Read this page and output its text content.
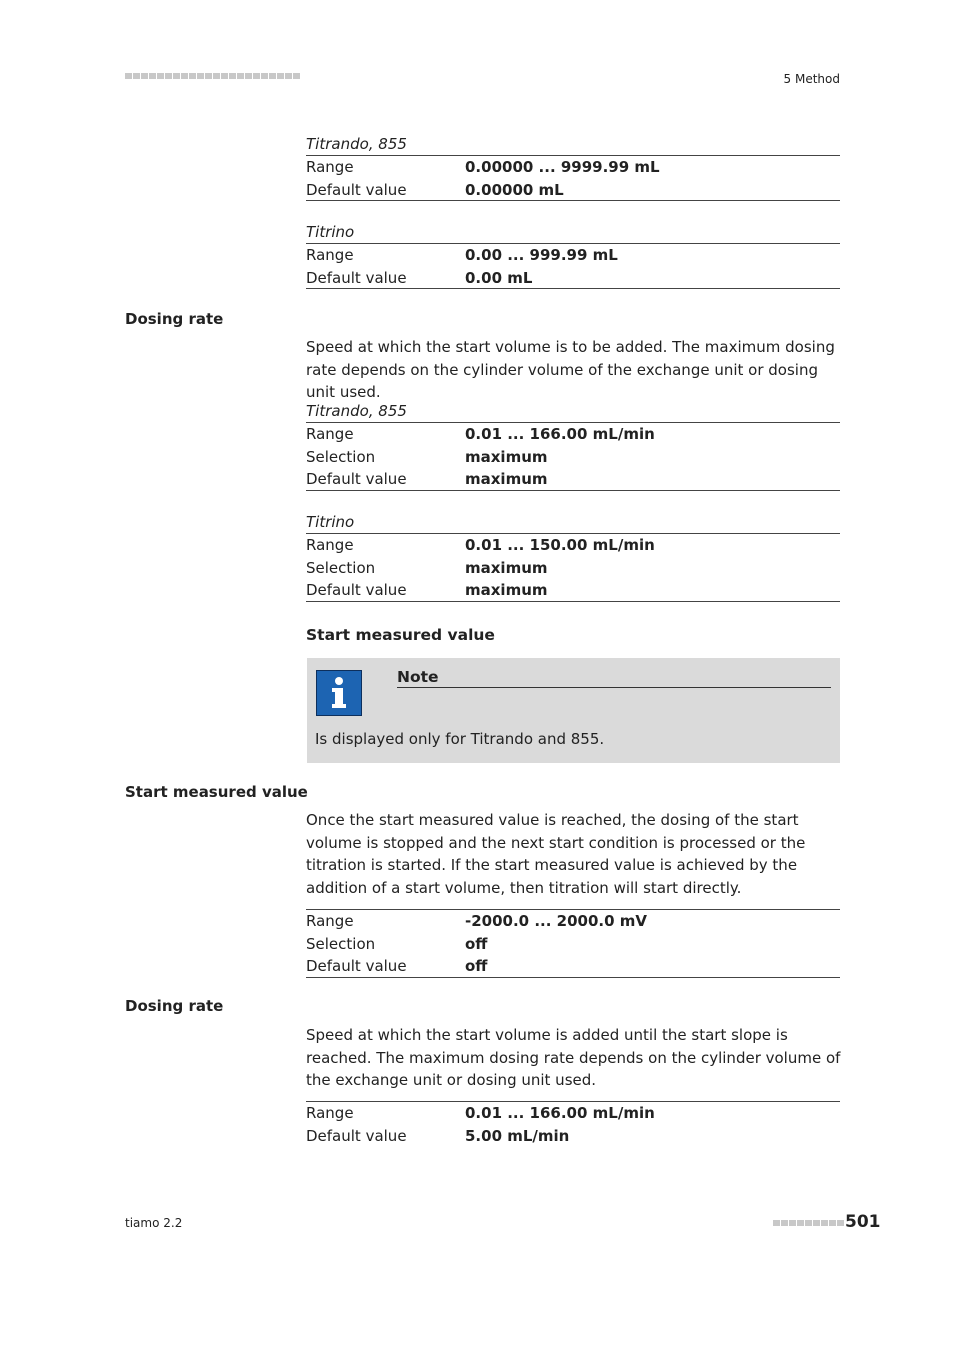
5 Method
Titrando, 855
Range	0.00000 ... 9999.99 mL
Default value	0.00000 mL
Titrino
Range	0.00 ... 999.99 mL
Default value	0.00 mL
Dosing rate
Speed at which the start volume is to be added. The maximum dosing rate depends on the cylinder volume of the exchange unit or dosing unit used.
Titrando, 855
Range	0.01 ... 166.00 mL/min
Selection	maximum
Default value	maximum
Titrino
Range	0.01 ... 150.00 mL/min
Selection	maximum
Default value	maximum
Start measured value
Note
Is displayed only for Titrando and 855.
Start measured value
Once the start measured value is reached, the dosing of the start volume is stopped and the next start condition is processed or the titration is started. If the start measured value is achieved by the addition of a start volume, then titration will start directly.
Range	-2000.0 ... 2000.0 mV
Selection	off
Default value	off
Dosing rate
Speed at which the start volume is added until the start slope is reached. The maximum dosing rate depends on the cylinder volume of the exchange unit or dosing unit used.
Range	0.01 ... 166.00 mL/min
Default value	5.00 mL/min
tiamo 2.2	501
